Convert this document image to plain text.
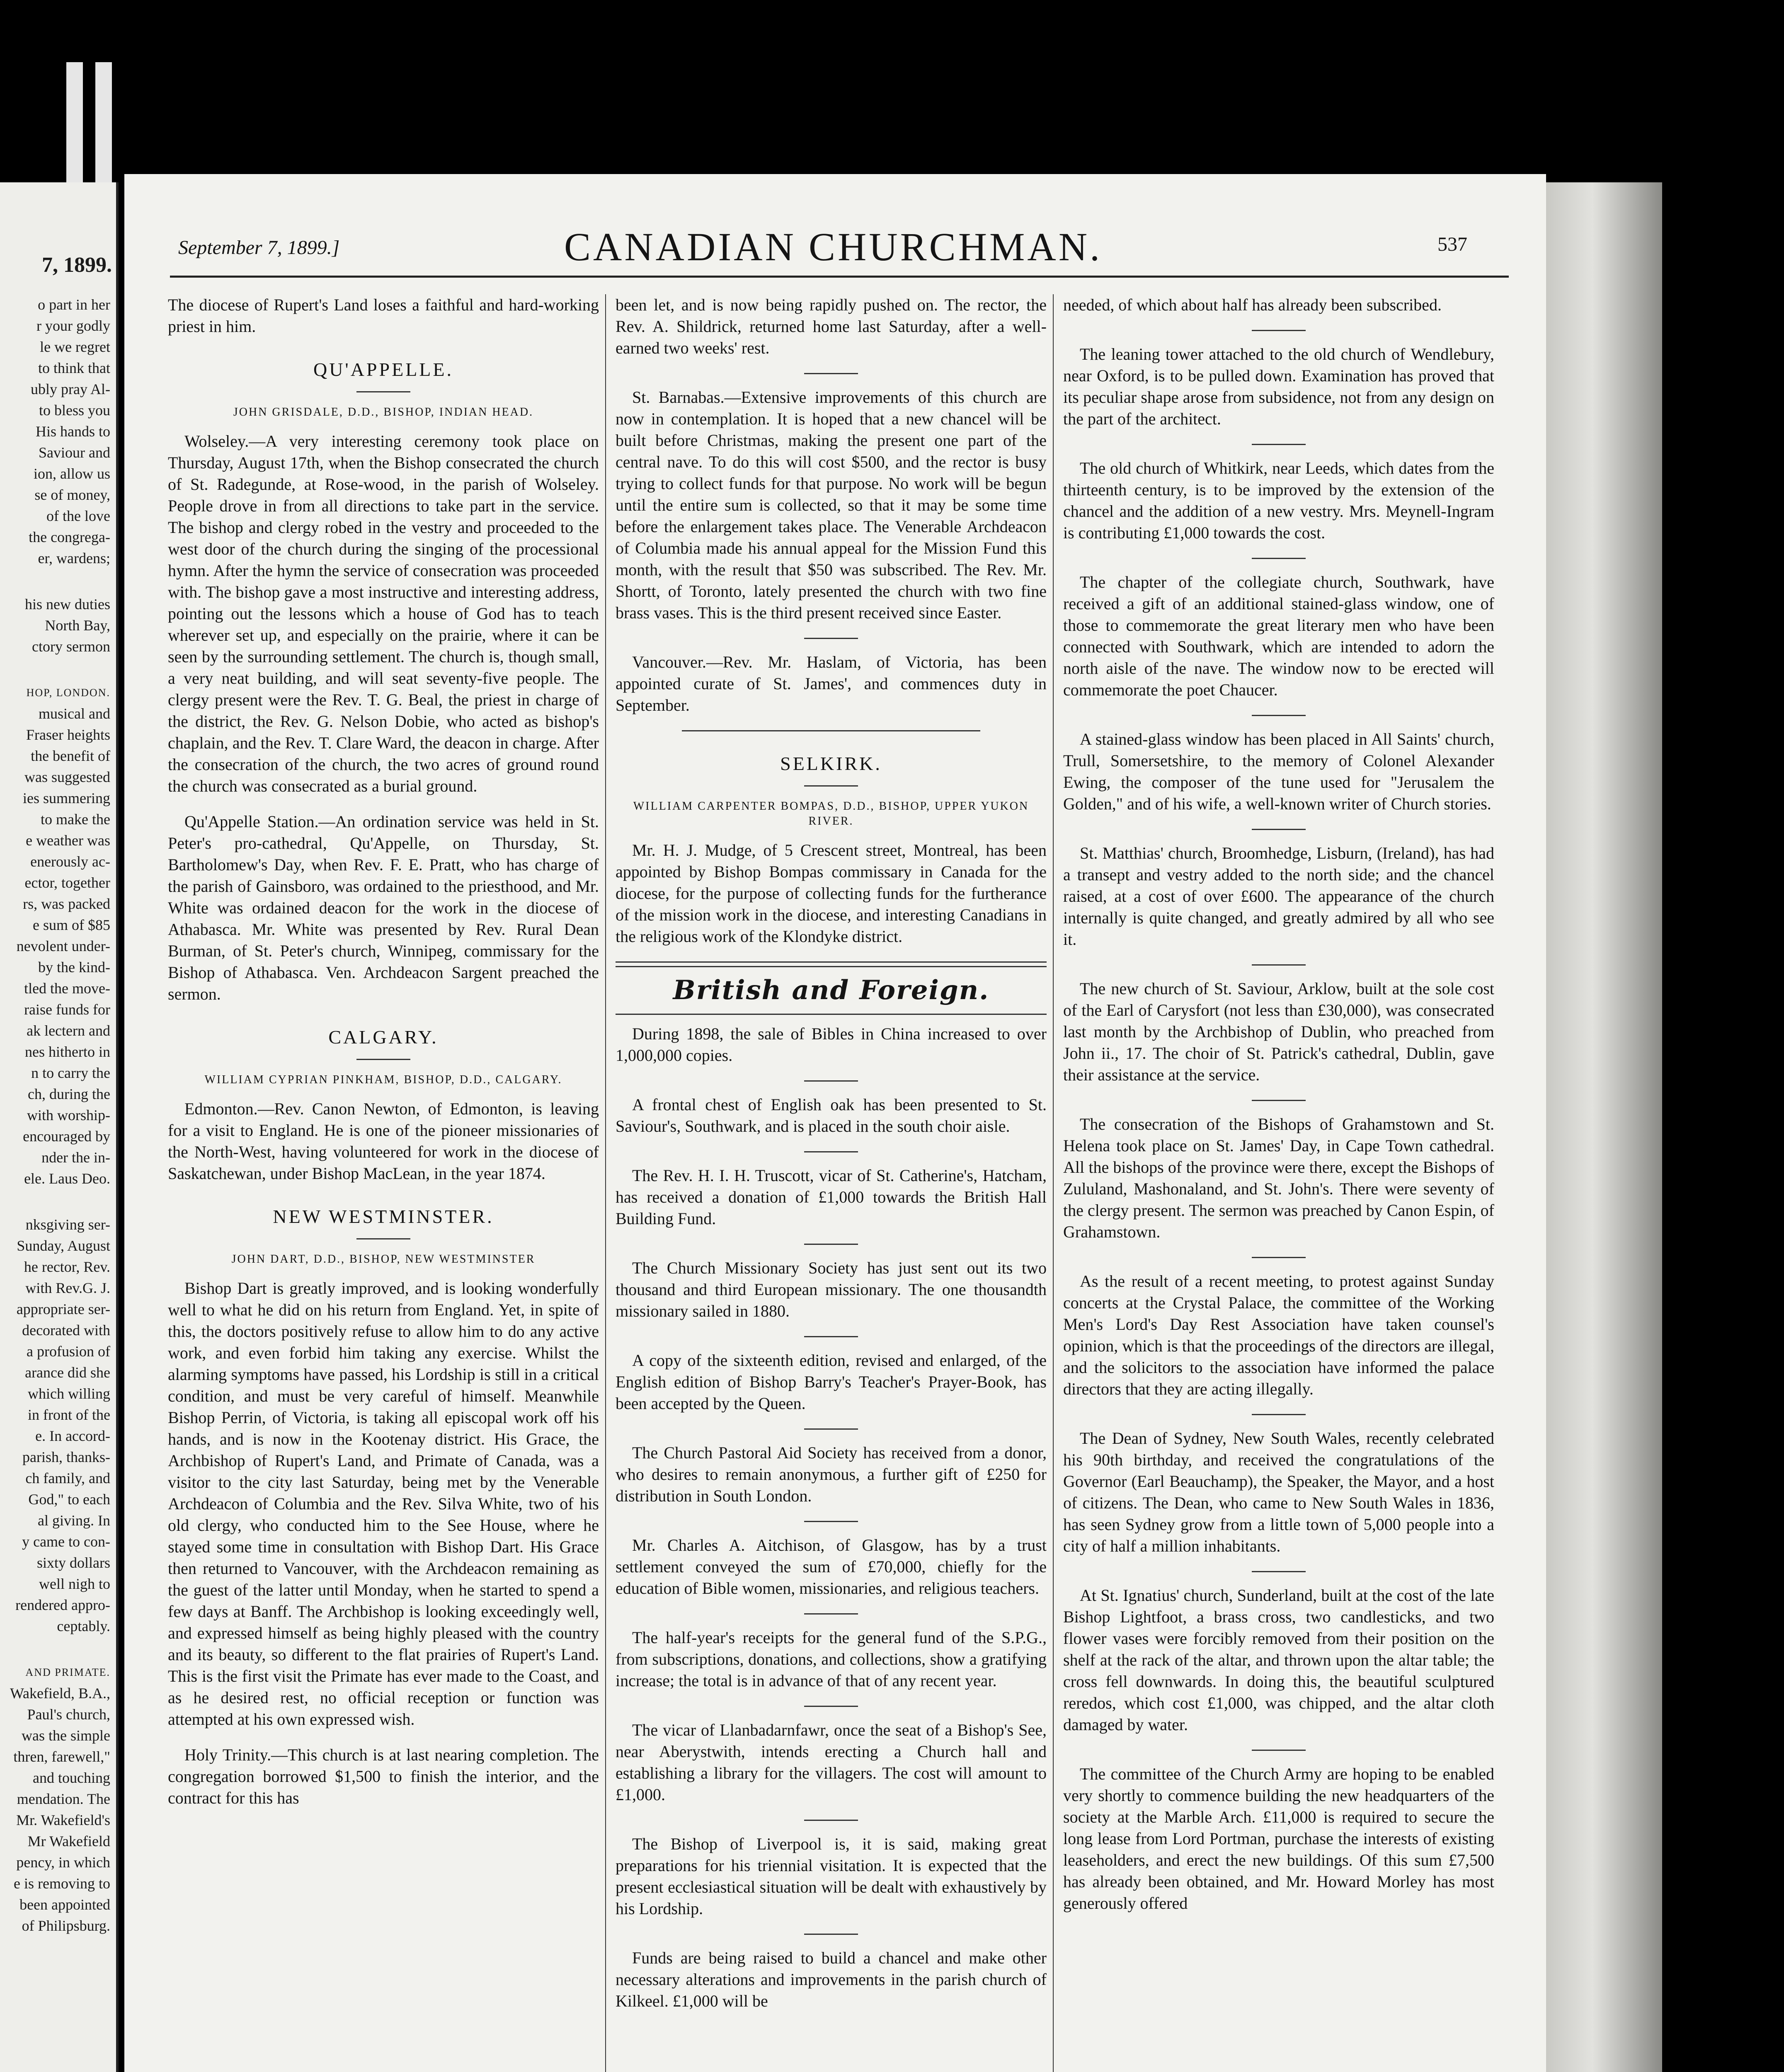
7, 1899.
o part in her
r your godly
le we regret
to think that
ubly pray Al-
to bless you
His hands to
Saviour and
ion, allow us
se of money,
of the love
the congrega-
er, wardens;
his new duties
North Bay,
ctory sermon
HOP, LONDON.
musical and
Fraser heights
the benefit of
was suggested
ies summering
to make the
e weather was
enerously ac-
ector, together
rs, was packed
e sum of $85
nevolent under-
by the kind-
tled the move-
raise funds for
ak lectern and
nes hitherto in
n to carry the
ch, during the
with worship-
encouraged by
nder the in-
ele. Laus Deo.
nksgiving ser-
Sunday, August
he rector, Rev.
with Rev.G. J.
appropriate ser-
decorated with
a profusion of
arance did she
which willing
in front of the
e. In accord-
parish, thanks-
ch family, and
God," to each
al giving. In
y came to con-
sixty dollars
well nigh to
rendered appro-
ceptably.
AND PRIMATE.
Wakefield, B.A.,
Paul's church,
was the simple
thren, farewell,"
and touching
mendation. The
Mr. Wakefield's
Mr Wakefield
pency, in which
e is removing to
been appointed
of Philipsburg.
September 7, 1899.]	CANADIAN CHURCHMAN.	537

The diocese of Rupert's Land loses a faithful and hard-working priest in him.

QU'APPELLE.
JOHN GRISDALE, D.D., BISHOP, INDIAN HEAD.

Wolseley.—A very interesting ceremony took place on Thursday, August 17th, when the Bishop consecrated the church of St. Radegunde, at Rose-wood, in the parish of Wolseley. People drove in from all directions to take part in the service. The bishop and clergy robed in the vestry and proceeded to the west door of the church during the singing of the processional hymn. After the hymn the service of consecration was proceeded with. The bishop gave a most instructive and interesting address, pointing out the lessons which a house of God has to teach wherever set up, and especially on the prairie, where it can be seen by the surrounding settlement. The church is, though small, a very neat building, and will seat seventy-five people. The clergy present were the Rev. T. G. Beal, the priest in charge of the district, the Rev. G. Nelson Dobie, who acted as bishop's chaplain, and the Rev. T. Clare Ward, the deacon in charge. After the consecration of the church, the two acres of ground round the church was consecrated as a burial ground.

Qu'Appelle Station.—An ordination service was held in St. Peter's pro-cathedral, Qu'Appelle, on Thursday, St. Bartholomew's Day, when Rev. F. E. Pratt, who has charge of the parish of Gainsboro, was ordained to the priesthood, and Mr. White was ordained deacon for the work in the diocese of Athabasca. Mr. White was presented by Rev. Rural Dean Burman, of St. Peter's church, Winnipeg, commissary for the Bishop of Athabasca. Ven. Archdeacon Sargent preached the sermon.

CALGARY.
WILLIAM CYPRIAN PINKHAM, BISHOP, D.D., CALGARY.

Edmonton.—Rev. Canon Newton, of Edmonton, is leaving for a visit to England. He is one of the pioneer missionaries of the North-West, having volunteered for work in the diocese of Saskatchewan, under Bishop MacLean, in the year 1874.

NEW WESTMINSTER.
JOHN DART, D.D., BISHOP, NEW WESTMINSTER

Bishop Dart is greatly improved, and is looking wonderfully well to what he did on his return from England. Yet, in spite of this, the doctors positively refuse to allow him to do any active work, and even forbid him taking any exercise. Whilst the alarming symptoms have passed, his Lordship is still in a critical condition, and must be very careful of himself. Meanwhile Bishop Perrin, of Victoria, is taking all episcopal work off his hands, and is now in the Kootenay district. His Grace, the Archbishop of Rupert's Land, and Primate of Canada, was a visitor to the city last Saturday, being met by the Venerable Archdeacon of Columbia and the Rev. Silva White, two of his old clergy, who conducted him to the See House, where he stayed some time in consultation with Bishop Dart. His Grace then returned to Vancouver, with the Archdeacon remaining as the guest of the latter until Monday, when he started to spend a few days at Banff. The Archbishop is looking exceedingly well, and expressed himself as being highly pleased with the country and its beauty, so different to the flat prairies of Rupert's Land. This is the first visit the Primate has ever made to the Coast, and as he desired rest, no official reception or function was attempted at his own expressed wish.

Holy Trinity.—This church is at last nearing completion. The congregation borrowed $1,500 to finish the interior, and the contract for this has

been let, and is now being rapidly pushed on. The rector, the Rev. A. Shildrick, returned home last Saturday, after a well-earned two weeks' rest.

St. Barnabas.—Extensive improvements of this church are now in contemplation. It is hoped that a new chancel will be built before Christmas, making the present one part of the central nave. To do this will cost $500, and the rector is busy trying to collect funds for that purpose. No work will be begun until the entire sum is collected, so that it may be some time before the enlargement takes place. The Venerable Archdeacon of Columbia made his annual appeal for the Mission Fund this month, with the result that $50 was subscribed. The Rev. Mr. Shortt, of Toronto, lately presented the church with two fine brass vases. This is the third present received since Easter.

Vancouver.—Rev. Mr. Haslam, of Victoria, has been appointed curate of St. James', and commences duty in September.

SELKIRK.
WILLIAM CARPENTER BOMPAS, D.D., BISHOP, UPPER YUKON RIVER.

Mr. H. J. Mudge, of 5 Crescent street, Montreal, has been appointed by Bishop Bompas commissary in Canada for the diocese, for the purpose of collecting funds for the furtherance of the mission work in the diocese, and interesting Canadians in the religious work of the Klondyke district.

British and Foreign.

During 1898, the sale of Bibles in China increased to over 1,000,000 copies.

A frontal chest of English oak has been presented to St. Saviour's, Southwark, and is placed in the south choir aisle.

The Rev. H. I. H. Truscott, vicar of St. Catherine's, Hatcham, has received a donation of £1,000 towards the British Hall Building Fund.

The Church Missionary Society has just sent out its two thousand and third European missionary. The one thousandth missionary sailed in 1880.

A copy of the sixteenth edition, revised and enlarged, of the English edition of Bishop Barry's Teacher's Prayer-Book, has been accepted by the Queen.

The Church Pastoral Aid Society has received from a donor, who desires to remain anonymous, a further gift of £250 for distribution in South London.

Mr. Charles A. Aitchison, of Glasgow, has by a trust settlement conveyed the sum of £70,000, chiefly for the education of Bible women, missionaries, and religious teachers.

The half-year's receipts for the general fund of the S.P.G., from subscriptions, donations, and collections, show a gratifying increase; the total is in advance of that of any recent year.

The vicar of Llanbadarnfawr, once the seat of a Bishop's See, near Aberystwith, intends erecting a Church hall and establishing a library for the villagers. The cost will amount to £1,000.

The Bishop of Liverpool is, it is said, making great preparations for his triennial visitation. It is expected that the present ecclesiastical situation will be dealt with exhaustively by his Lordship.

Funds are being raised to build a chancel and make other necessary alterations and improvements in the parish church of Kilkeel. £1,000 will be

needed, of which about half has already been subscribed.

The leaning tower attached to the old church of Wendlebury, near Oxford, is to be pulled down. Examination has proved that its peculiar shape arose from subsidence, not from any design on the part of the architect.

The old church of Whitkirk, near Leeds, which dates from the thirteenth century, is to be improved by the extension of the chancel and the addition of a new vestry. Mrs. Meynell-Ingram is contributing £1,000 towards the cost.

The chapter of the collegiate church, Southwark, have received a gift of an additional stained-glass window, one of those to commemorate the great literary men who have been connected with Southwark, which are intended to adorn the north aisle of the nave. The window now to be erected will commemorate the poet Chaucer.

A stained-glass window has been placed in All Saints' church, Trull, Somersetshire, to the memory of Colonel Alexander Ewing, the composer of the tune used for "Jerusalem the Golden," and of his wife, a well-known writer of Church stories.

St. Matthias' church, Broomhedge, Lisburn, (Ireland), has had a transept and vestry added to the north side; and the chancel raised, at a cost of over £600. The appearance of the church internally is quite changed, and greatly admired by all who see it.

The new church of St. Saviour, Arklow, built at the sole cost of the Earl of Carysfort (not less than £30,000), was consecrated last month by the Archbishop of Dublin, who preached from John ii., 17. The choir of St. Patrick's cathedral, Dublin, gave their assistance at the service.

The consecration of the Bishops of Grahamstown and St. Helena took place on St. James' Day, in Cape Town cathedral. All the bishops of the province were there, except the Bishops of Zululand, Mashonaland, and St. John's. There were seventy of the clergy present. The sermon was preached by Canon Espin, of Grahamstown.

As the result of a recent meeting, to protest against Sunday concerts at the Crystal Palace, the committee of the Working Men's Lord's Day Rest Association have taken counsel's opinion, which is that the proceedings of the directors are illegal, and the solicitors to the association have informed the palace directors that they are acting illegally.

The Dean of Sydney, New South Wales, recently celebrated his 90th birthday, and received the congratulations of the Governor (Earl Beauchamp), the Speaker, the Mayor, and a host of citizens. The Dean, who came to New South Wales in 1836, has seen Sydney grow from a little town of 5,000 people into a city of half a million inhabitants.

At St. Ignatius' church, Sunderland, built at the cost of the late Bishop Lightfoot, a brass cross, two candlesticks, and two flower vases were forcibly removed from their position on the shelf at the rack of the altar, and thrown upon the altar table; the cross fell downwards. In doing this, the beautiful sculptured reredos, which cost £1,000, was chipped, and the altar cloth damaged by water.

The committee of the Church Army are hoping to be enabled very shortly to commence building the new headquarters of the society at the Marble Arch. £11,000 is required to secure the long lease from Lord Portman, purchase the interests of existing leaseholders, and erect the new buildings. Of this sum £7,500 has already been obtained, and Mr. Howard Morley has most generously offered
